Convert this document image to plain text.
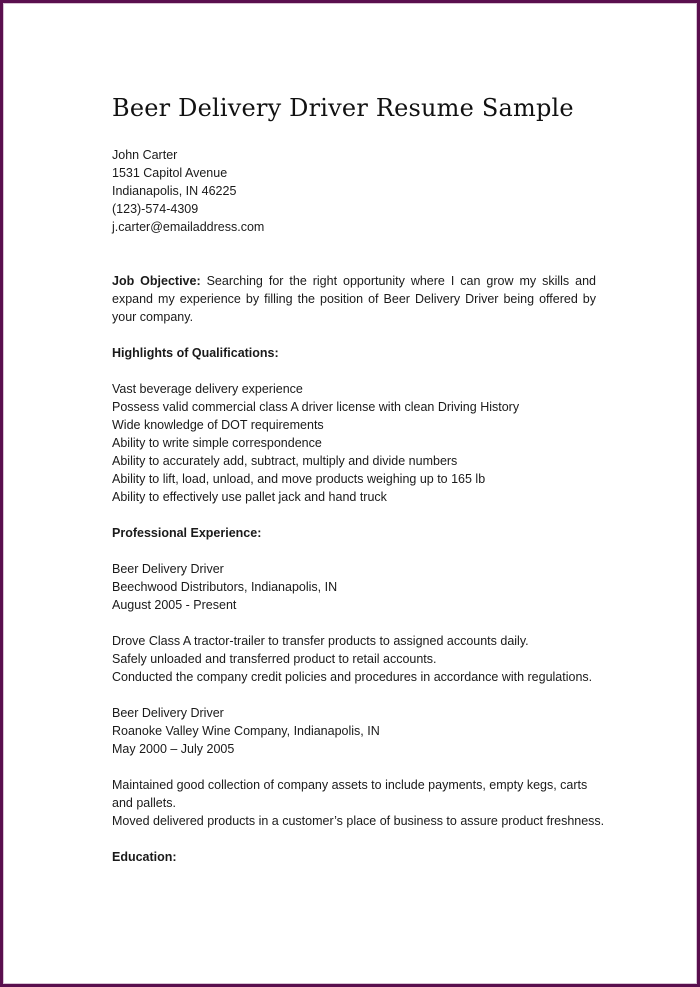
Beer Delivery Driver Resume Sample
John Carter
1531 Capitol Avenue
Indianapolis, IN 46225
(123)-574-4309
j.carter@emailaddress.com
Job Objective: Searching for the right opportunity where I can grow my skills and expand my experience by filling the position of Beer Delivery Driver being offered by your company.
Highlights of Qualifications:
Vast beverage delivery experience
Possess valid commercial class A driver license with clean Driving History
Wide knowledge of DOT requirements
Ability to write simple correspondence
Ability to accurately add, subtract, multiply and divide numbers
Ability to lift, load, unload, and move products weighing up to 165 lb
Ability to effectively use pallet jack and hand truck
Professional Experience:
Beer Delivery Driver
Beechwood Distributors, Indianapolis, IN
August 2005 - Present
Drove Class A tractor-trailer to transfer products to assigned accounts daily.
Safely unloaded and transferred product to retail accounts.
Conducted the company credit policies and procedures in accordance with regulations.
Beer Delivery Driver
Roanoke Valley Wine Company, Indianapolis, IN
May 2000 – July 2005
Maintained good collection of company assets to include payments, empty kegs, carts and pallets.
Moved delivered products in a customer’s place of business to assure product freshness.
Education:
